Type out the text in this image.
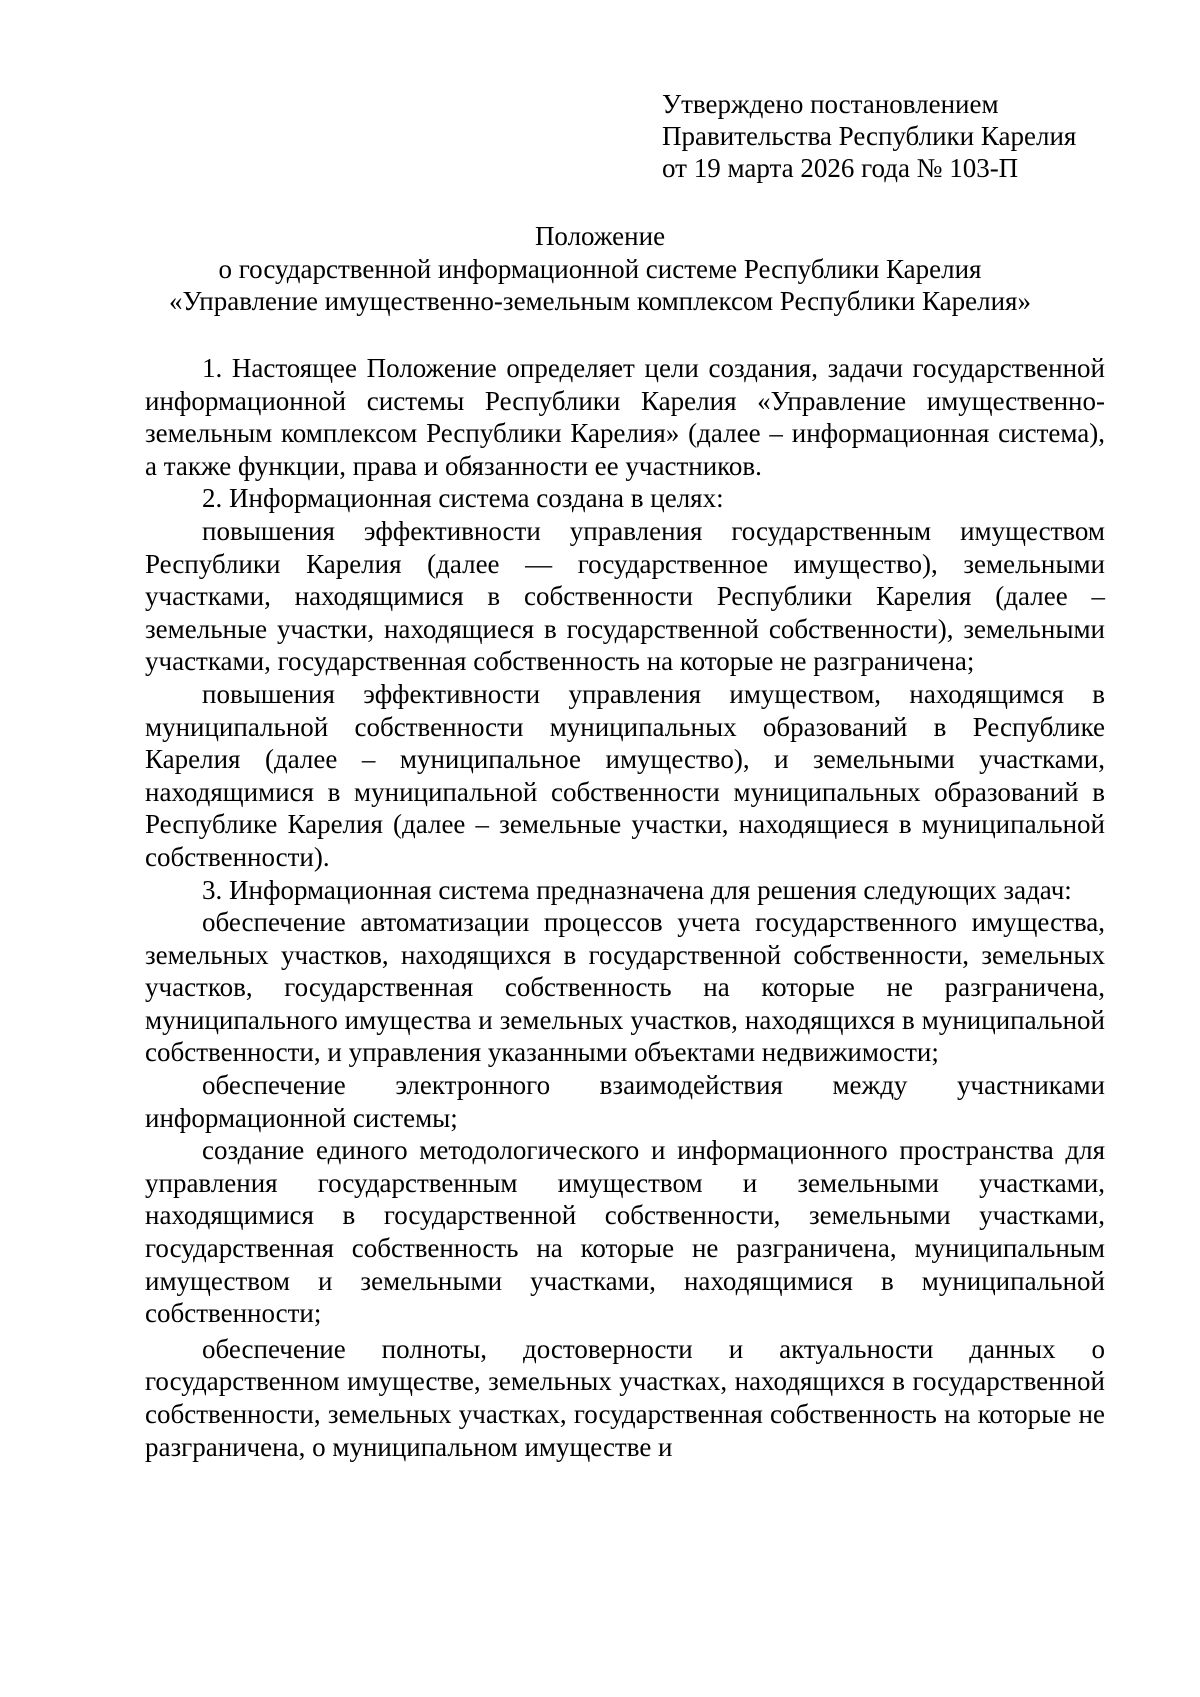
Утверждено постановлением
Правительства Республики Карелия
от 19 марта 2026 года № 103-П
Положение
о государственной информационной системе Республики Карелия
«Управление имущественно-земельным комплексом Республики Карелия»

1. Настоящее Положение определяет цели создания, задачи государственной информационной системы Республики Карелия «Управление имущественно-земельным комплексом Республики Карелия» (далее – информационная система), а также функции, права и обязанности ее участников.

2. Информационная система создана в целях:

повышения эффективности управления государственным имуществом Республики Карелия (далее — государственное имущество), земельными участками, находящимися в собственности Республики Карелия (далее – земельные участки, находящиеся в государственной собственности), земельными участками, государственная собственность на которые не разграничена;

повышения эффективности управления имуществом, находящимся в муниципальной собственности муниципальных образований в Республике Карелия (далее – муниципальное имущество), и земельными участками, находящимися в муниципальной собственности муниципальных образований в Республике Карелия (далее – земельные участки, находящиеся в муниципальной собственности).

3. Информационная система предназначена для решения следующих задач:

обеспечение автоматизации процессов учета государственного имущества, земельных участков, находящихся в государственной собственности, земельных участков, государственная собственность на которые не разграничена, муниципального имущества и земельных участков, находящихся в муниципальной собственности, и управления указанными объектами недвижимости;

обеспечение электронного взаимодействия между участниками информационной системы;

создание единого методологического и информационного пространства для управления государственным имуществом и земельными участками, находящимися в государственной собственности, земельными участками, государственная собственность на которые не разграничена, муниципальным имуществом и земельными участками, находящимися в муниципальной собственности;

обеспечение полноты, достоверности и актуальности данных о государственном имуществе, земельных участках, находящихся в государственной собственности, земельных участках, государственная собственность на которые не разграничена, о муниципальном имуществе и
